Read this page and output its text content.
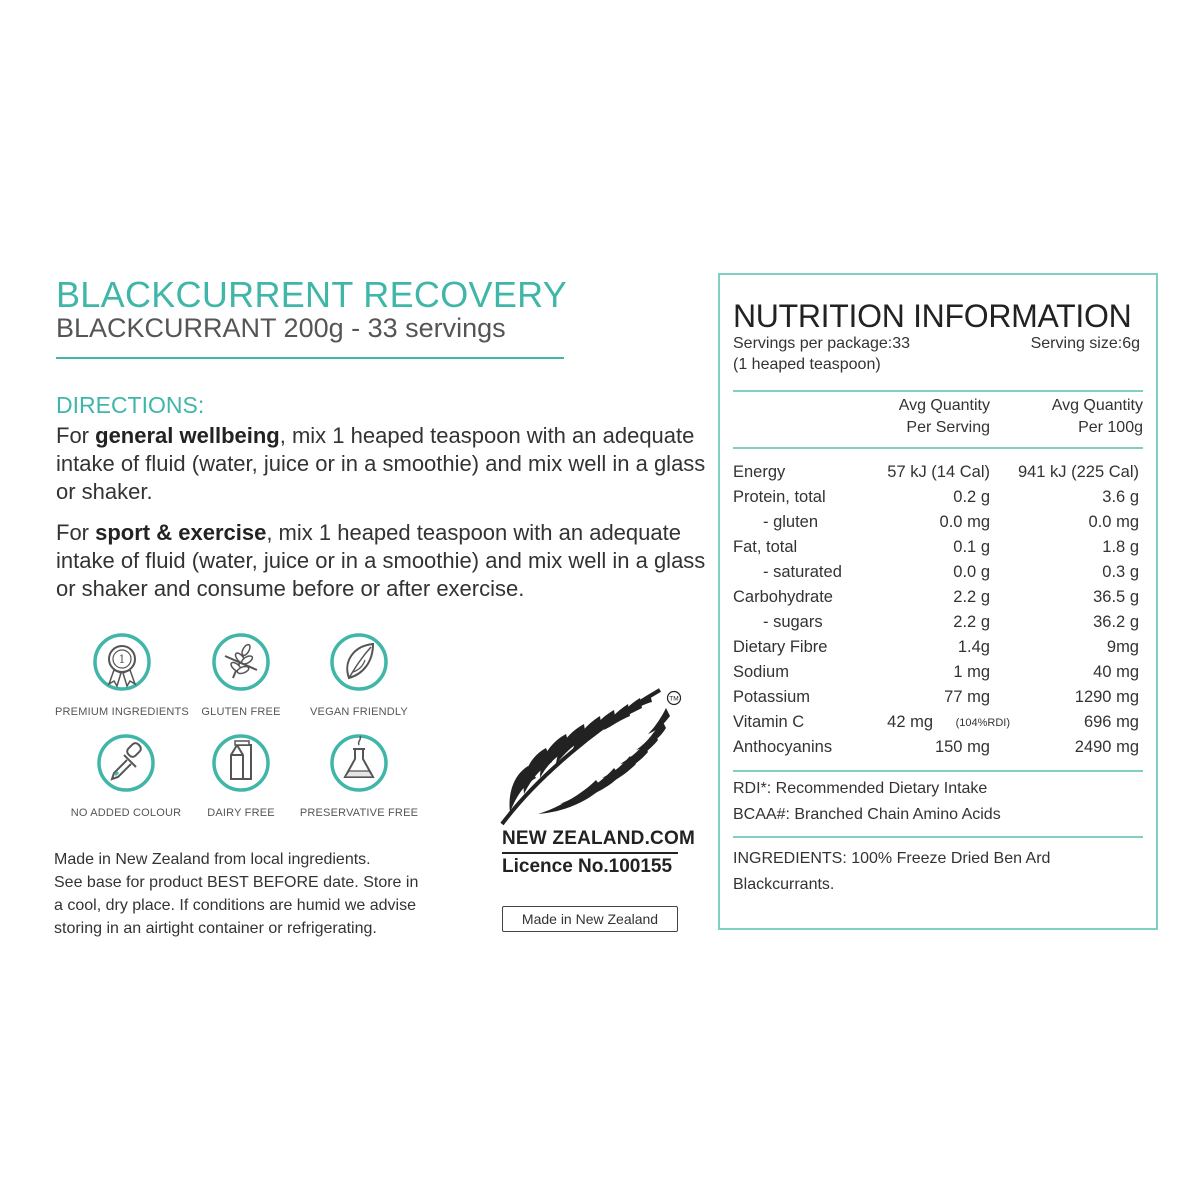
BLACKCURRENT RECOVERY
BLACKCURRANT 200g - 33 servings
DIRECTIONS:
For general wellbeing, mix 1 heaped teaspoon with an adequate intake of fluid (water, juice or in a smoothie) and mix well in a glass or shaker.
For sport & exercise, mix 1 heaped teaspoon with an adequate intake of fluid (water, juice or in a smoothie) and mix well in a glass or shaker and consume before or after exercise.
1
PREMIUM INGREDIENTS	GLUTEN FREE	VEGAN FRIENDLY
NO ADDED COLOUR	DAIRY FREE	PRESERVATIVE FREE
Made in New Zealand from local ingredients.
See base for product BEST BEFORE date. Store in
a cool, dry place. If conditions are humid we advise
storing in an airtight container or refrigerating.
TM
NEW ZEALAND.COM
Licence No.100155
Made in New Zealand
NUTRITION INFORMATION
Servings per package:33	Serving size:6g
(1 heaped teaspoon)
Avg Quantity
Per Serving
Avg Quantity
Per 100g
Energy	57 kJ (14 Cal) 941 kJ (225 Cal)
Protein, total	0.2 g	3.6 g
- gluten	0.0 mg	0.0 mg
Fat, total	0.1 g	1.8 g
- saturated	0.0 g	0.3 g
Carbohydrate	2.2 g	36.5 g
- sugars	2.2 g	36.2 g
Dietary Fibre	1.4g	9mg
Sodium	1 mg	40 mg
Potassium	77 mg	1290 mg
Vitamin C	42 mg (104%RDI)	696 mg
Anthocyanins	150 mg	2490 mg
RDI*: Recommended Dietary Intake
BCAA#: Branched Chain Amino Acids
INGREDIENTS: 100% Freeze Dried Ben Ard Blackcurrants.
